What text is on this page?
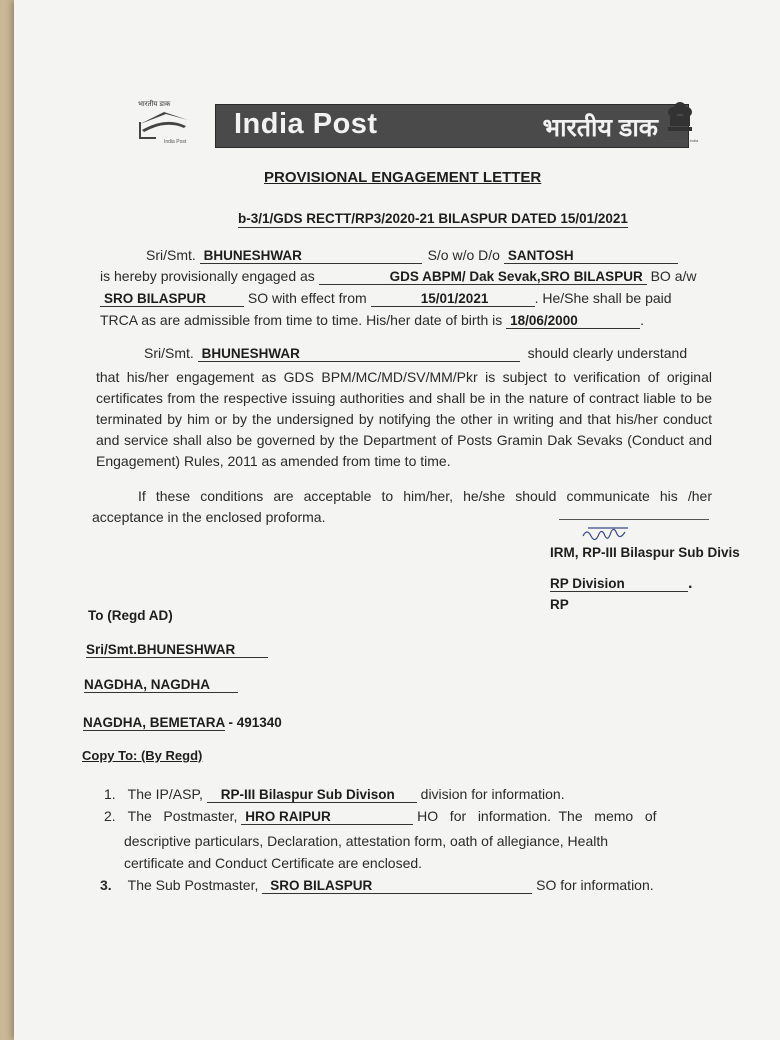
भारतीय डाक
India Post
India Post	भारतीय डाक Government of India
PROVISIONAL ENGAGEMENT LETTER
b-3/1/GDS RECTT/RP3/2020-21 BILASPUR DATED 15/01/2021
Sri/Smt. BHUNESHWAR	S/o w/o D/o SANTOSH
is hereby provisionally engaged as	GDS ABPM/ Dak Sevak,SRO BILASPUR BO a/w
SRO BILASPUR	SO with effect from	15/01/2021	. He/She shall be paid
TRCA as are admissible from time to time. His/her date of birth is 18/06/2000	.
Sri/Smt. BHUNESHWAR	should clearly understand
that his/her engagement as GDS BPM/MC/MD/SV/MM/Pkr is subject to verification of original certificates from the respective issuing authorities and shall be in the nature of contract liable to be terminated by him or by the undersigned by notifying the other in writing and that his/her conduct and service shall also be governed by the Department of Posts Gramin Dak Sevaks (Conduct and Engagement) Rules, 2011 as amended from time to time.
If these conditions are acceptable to him/her, he/she should communicate his /her acceptance in the enclosed proforma.
IRM, RP-III Bilaspur Sub Divis
RP Division	.
RP
To (Regd AD)
Sri/Smt.BHUNESHWAR
NAGDHA, NAGDHA
NAGDHA, BEMETARA - 491340
Copy To: (By Regd)
1. The IP/ASP, RP-III Bilaspur Sub Divison division for information.
2. The   Postmaster, HRO RAIPUR	HO   for   information.  The   memo   of
descriptive particulars, Declaration, attestation form, oath of allegiance, Health
certificate and Conduct Certificate are enclosed.
3. The Sub Postmaster, SRO BILASPUR	SO for information.
